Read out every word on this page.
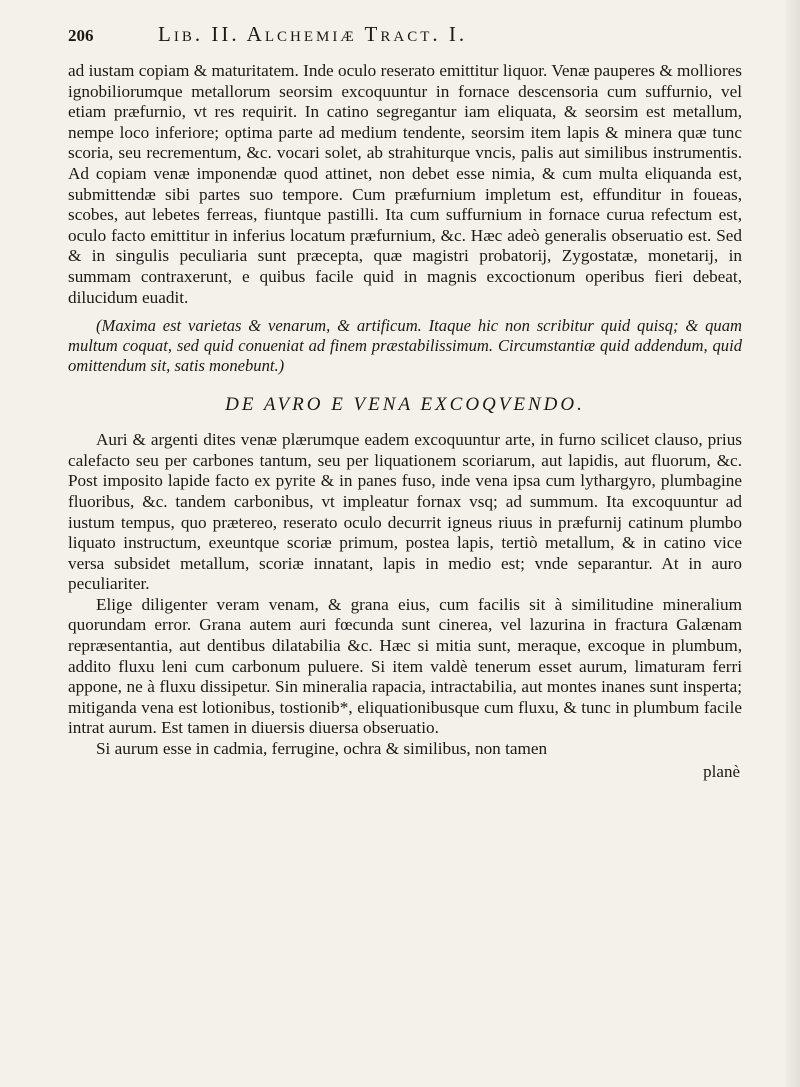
206	Lib. II. Alchemiæ Tract. I.

ad iustam copiam & maturitatem. Inde oculo reserato emittitur liquor. Venæ pauperes & molliores ignobiliorumque metallorum seorsim excoquuntur in fornace descensoria cum suffurnio, vel etiam præfurnio, vt res requirit. In catino segregantur iam eliquata, & seorsim est metallum, nempe loco inferiore; optima parte ad medium tendente, seorsim item lapis & minera quæ tunc scoria, seu recrementum, &c. vocari solet, ab strahiturque vncis, palis aut similibus instrumentis. Ad copiam venæ imponendæ quod attinet, non debet esse nimia, & cum multa eliquanda est, submittendæ sibi partes suo tempore. Cum præfurnium impletum est, effunditur in foueas, scobes, aut lebetes ferreas, fiuntque pastilli. Ita cum suffurnium in fornace curua refectum est, oculo facto emittitur in inferius locatum præfurnium, &c. Hæc adeò generalis obseruatio est. Sed & in singulis peculiaria sunt præcepta, quæ magistri probatorij, Zygostatæ, monetarij, in summam contraxerunt, e quibus facile quid in magnis excoctionum operibus fieri debeat, dilucidum euadit.

(Maxima est varietas & venarum, & artificum. Itaque hic non scribitur quid quisq; & quam multum coquat, sed quid conueniat ad finem præstabilissimum. Circumstantiæ quid addendum, quid omittendum sit, satis monebunt.)

DE AVRO E VENA EXCOQVENDO.

Auri & argenti dites venæ plærumque eadem excoquuntur arte, in furno scilicet clauso, prius calefacto seu per carbones tantum, seu per liquationem scoriarum, aut lapidis, aut fluorum, &c. Post imposito lapide facto ex pyrite & in panes fuso, inde vena ipsa cum lythargyro, plumbagine fluoribus, &c. tandem carbonibus, vt impleatur fornax vsq; ad summum. Ita excoquuntur ad iustum tempus, quo prætereo, reserato oculo decurrit igneus riuus in præfurnij catinum plumbo liquato instructum, exeuntque scoriæ primum, postea lapis, tertiò metallum, & in catino vice versa subsidet metallum, scoriæ innatant, lapis in medio est; vnde separantur. At in auro peculiariter.

Elige diligenter veram venam, & grana eius, cum facilis sit à similitudine mineralium quorundam error. Grana autem auri fœcunda sunt cinerea, vel lazurina in fractura Galænam repræsentantia, aut dentibus dilatabilia &c. Hæc si mitia sunt, meraque, excoque in plumbum, addito fluxu leni cum carbonum puluere. Si item valdè tenerum esset aurum, limaturam ferri appone, ne à fluxu dissipetur. Sin mineralia rapacia, intractabilia, aut montes inanes sunt insperta; mitiganda vena est lotionibus, tostionib*, eliquationibusque cum fluxu, & tunc in plumbum facile intrat aurum. Est tamen in diuersis diuersa obseruatio.

Si aurum esse in cadmia, ferrugine, ochra & similibus, non tamen

planè
